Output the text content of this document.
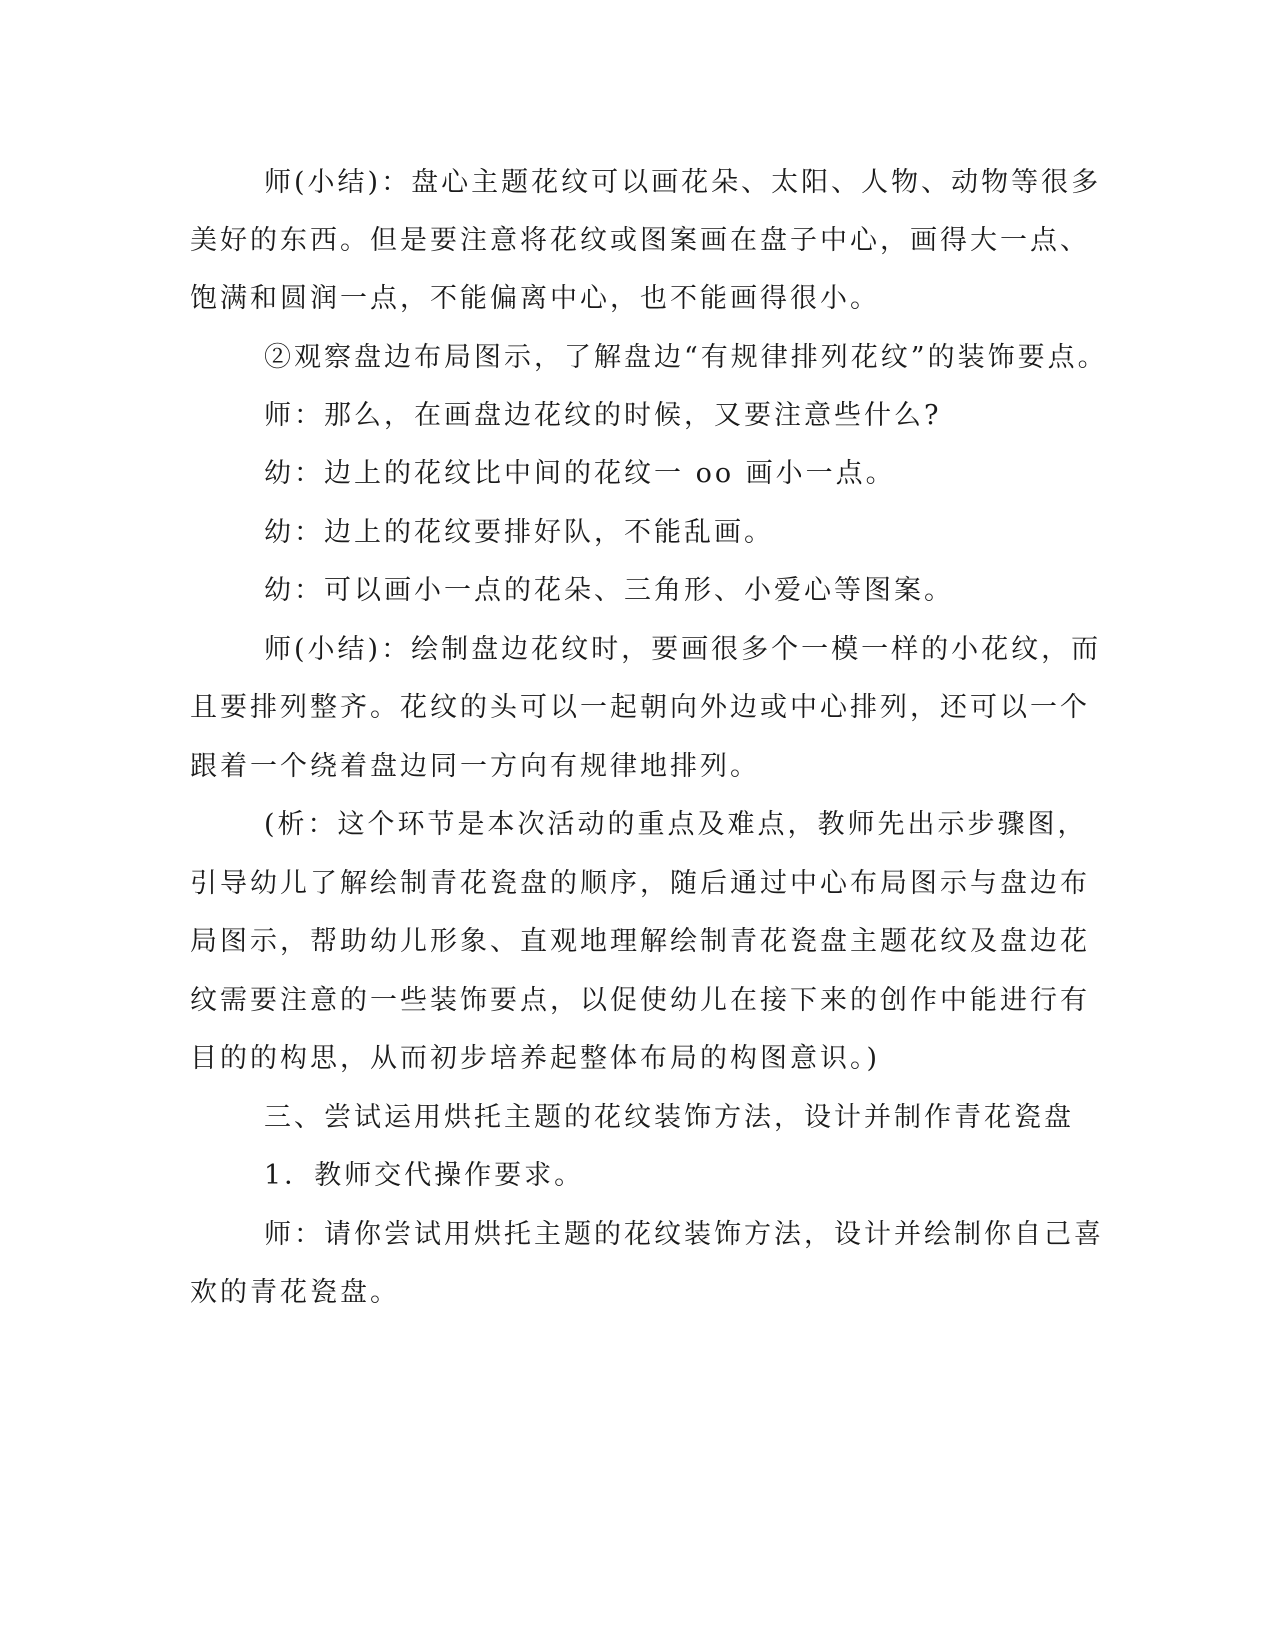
师(小结)：盘心主题花纹可以画花朵、太阳、人物、动物等很多
美好的东西。但是要注意将花纹或图案画在盘子中心，画得大一点、
饱满和圆润一点，不能偏离中心，也不能画得很小。
②观察盘边布局图示，了解盘边“有规律排列花纹”的装饰要点。
师：那么，在画盘边花纹的时候，又要注意些什么?
幼：边上的花纹比中间的花纹一 oo 画小一点。
幼：边上的花纹要排好队，不能乱画。
幼：可以画小一点的花朵、三角形、小爱心等图案。
师(小结)：绘制盘边花纹时，要画很多个一模一样的小花纹，而
且要排列整齐。花纹的头可以一起朝向外边或中心排列，还可以一个
跟着一个绕着盘边同一方向有规律地排列。
(析：这个环节是本次活动的重点及难点，教师先出示步骤图，
引导幼儿了解绘制青花瓷盘的顺序，随后通过中心布局图示与盘边布
局图示，帮助幼儿形象、直观地理解绘制青花瓷盘主题花纹及盘边花
纹需要注意的一些装饰要点，以促使幼儿在接下来的创作中能进行有
目的的构思，从而初步培养起整体布局的构图意识。)
三、尝试运用烘托主题的花纹装饰方法，设计并制作青花瓷盘
1．教师交代操作要求。
师：请你尝试用烘托主题的花纹装饰方法，设计并绘制你自己喜
欢的青花瓷盘。
